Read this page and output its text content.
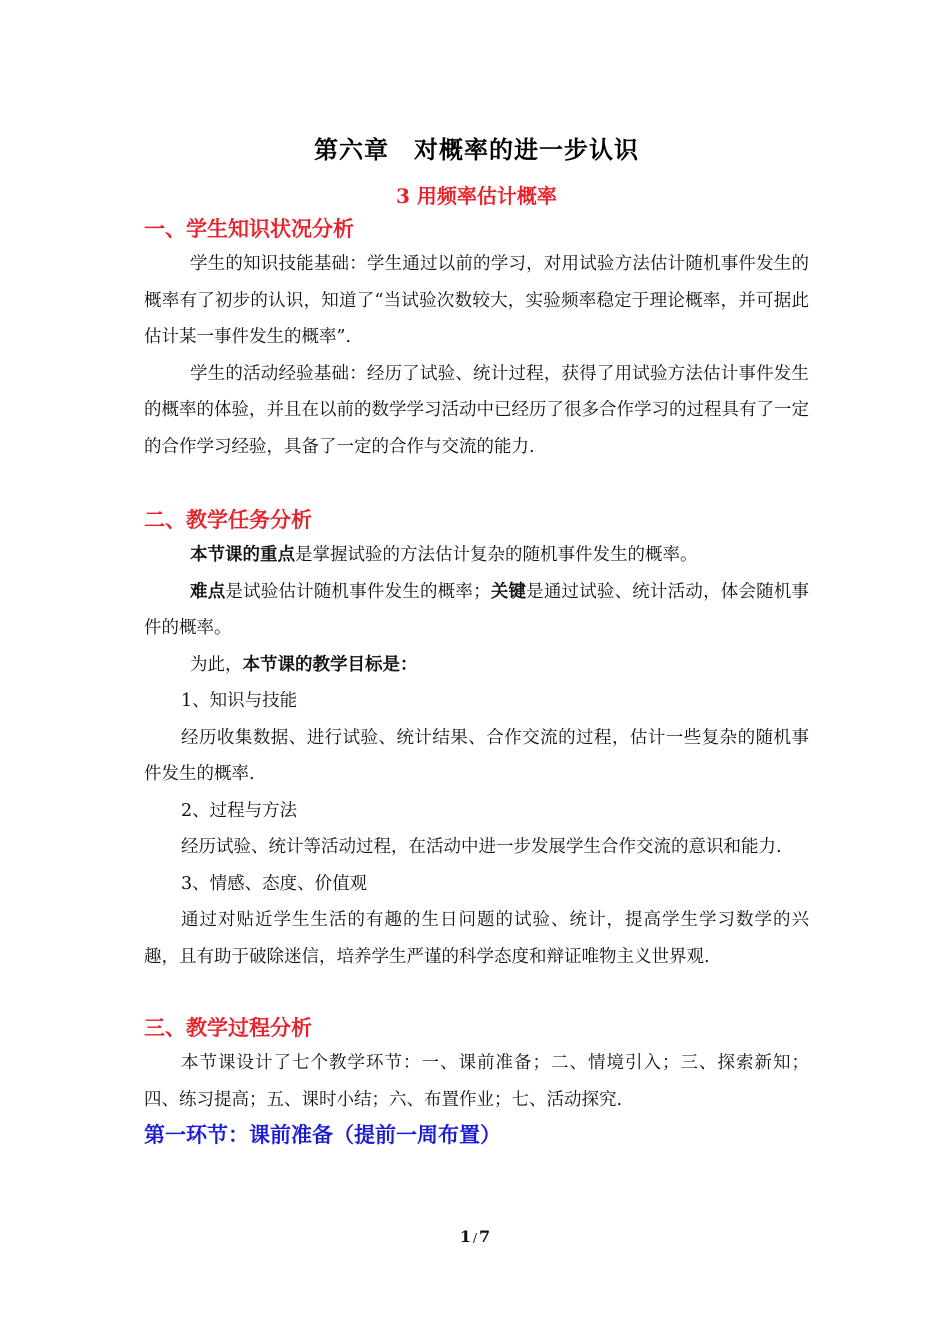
第六章　对概率的进一步认识
3 用频率估计概率
一、学生知识状况分析

学生的知识技能基础：学生通过以前的学习，对用试验方法估计随机事件发生的概率有了初步的认识，知道了“当试验次数较大，实验频率稳定于理论概率，并可据此估计某一事件发生的概率”.

学生的活动经验基础：经历了试验、统计过程，获得了用试验方法估计事件发生的概率的体验，并且在以前的数学学习活动中已经历了很多合作学习的过程具有了一定的合作学习经验，具备了一定的合作与交流的能力.

二、教学任务分析

本节课的重点是掌握试验的方法估计复杂的随机事件发生的概率。

难点是试验估计随机事件发生的概率；关键是通过试验、统计活动，体会随机事件的概率。

为此，本节课的教学目标是：

1、知识与技能

经历收集数据、进行试验、统计结果、合作交流的过程，估计一些复杂的随机事件发生的概率.

2、过程与方法

经历试验、统计等活动过程，在活动中进一步发展学生合作交流的意识和能力.

3、情感、态度、价值观

通过对贴近学生生活的有趣的生日问题的试验、统计，提高学生学习数学的兴趣，且有助于破除迷信，培养学生严谨的科学态度和辩证唯物主义世界观.

三、教学过程分析

本节课设计了七个教学环节：一、课前准备；二、情境引入；三、探索新知；四、练习提高；五、课时小结；六、布置作业；七、活动探究.

第一环节：课前准备（提前一周布置）
1 / 7
